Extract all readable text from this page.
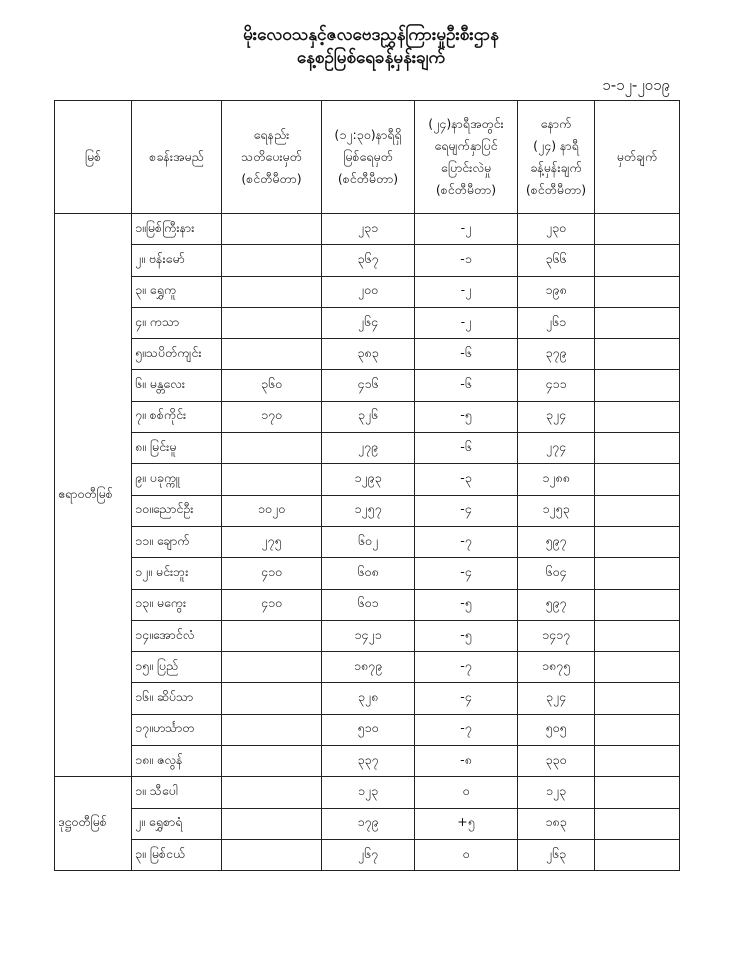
မိုးလေဝသနှင့်ဇလဗေဒညွှန်ကြားမှုဦးစီးဌာန
နေ့စဉ်မြစ်ရေခန့်မှန်းချက်
၁-၁၂-၂၀၁၉
မြစ်	စခန်းအမည်	ရေနည်း
သတိပေးမှတ်
(စင်တီမီတာ)	(၁၂:၃၀)နာရီရှိ
မြစ်ရေမှတ်
(စင်တီမီတာ)	(၂၄)နာရီအတွင်း
ရေမျက်နှာပြင်
ပြောင်းလဲမှု
(စင်တီမီတာ)	နောက်
(၂၄) နာရီ
ခန့်မှန်းချက်
(စင်တီမီတာ)	မှတ်ချက်
ဧရာဝတီမြစ်	၁။မြစ်ကြီးနား		၂၃၁	-၂	၂၃၀	
	၂။ ဗန်းမော်		၃၆၇	-၁	၃၆၆	
	၃။ ရွှေကူ		၂၀၀	-၂	၁၉၈	
	၄။ ကသာ		၂၆၄	-၂	၂၆၁	
	၅။သပိတ်ကျင်း		၃၈၃	-၆	၃၇၉	
	၆။ မန္တလေး	၃၆၀	၄၁၆	-၆	၄၁၁	
	၇။ စစ်ကိုင်း	၁၇၀	၃၂၆	-၅	၃၂၄	
	၈။ မြင်းမူ		၂၇၉	-၆	၂၇၄	
	၉။ ပခုက္ကူ		၁၂၉၃	-၃	၁၂၈၈	
	၁၀။ညောင်ဦး	၁၀၂၀	၁၂၅၇	-၄	၁၂၅၃	
	၁၁။ ချောက်	၂၇၅	၆၀၂	-၇	၅၉၇	
	၁၂။ မင်းဘူး	၄၁၀	၆၀၈	-၄	၆၀၄	
	၁၃။ မကွေး	၄၁၀	၆၀၁	-၅	၅၉၇	
	၁၄။အောင်လံ		၁၄၂၁	-၅	၁၄၁၇	
	၁၅။ ပြည်		၁၈၇၉	-၇	၁၈၇၅	
	၁၆။ ဆိပ်သာ		၃၂၈	-၄	၃၂၄	
	၁၇။ဟင်္သာတ		၅၁၀	-၇	၅၀၅	
	၁၈။ ဇလွန်		၃၃၇	-၈	၃၃၀	
ဒုဋ္ဌဝတီမြစ်	၁။ သီပေါ		၁၂၃	၀	၁၂၃	
	၂။ ရွှေစာရံ		၁၇၉	+၅	၁၈၃	
	၃။ မြစ်ငယ်		၂၆၇	၀	၂၆၃	
